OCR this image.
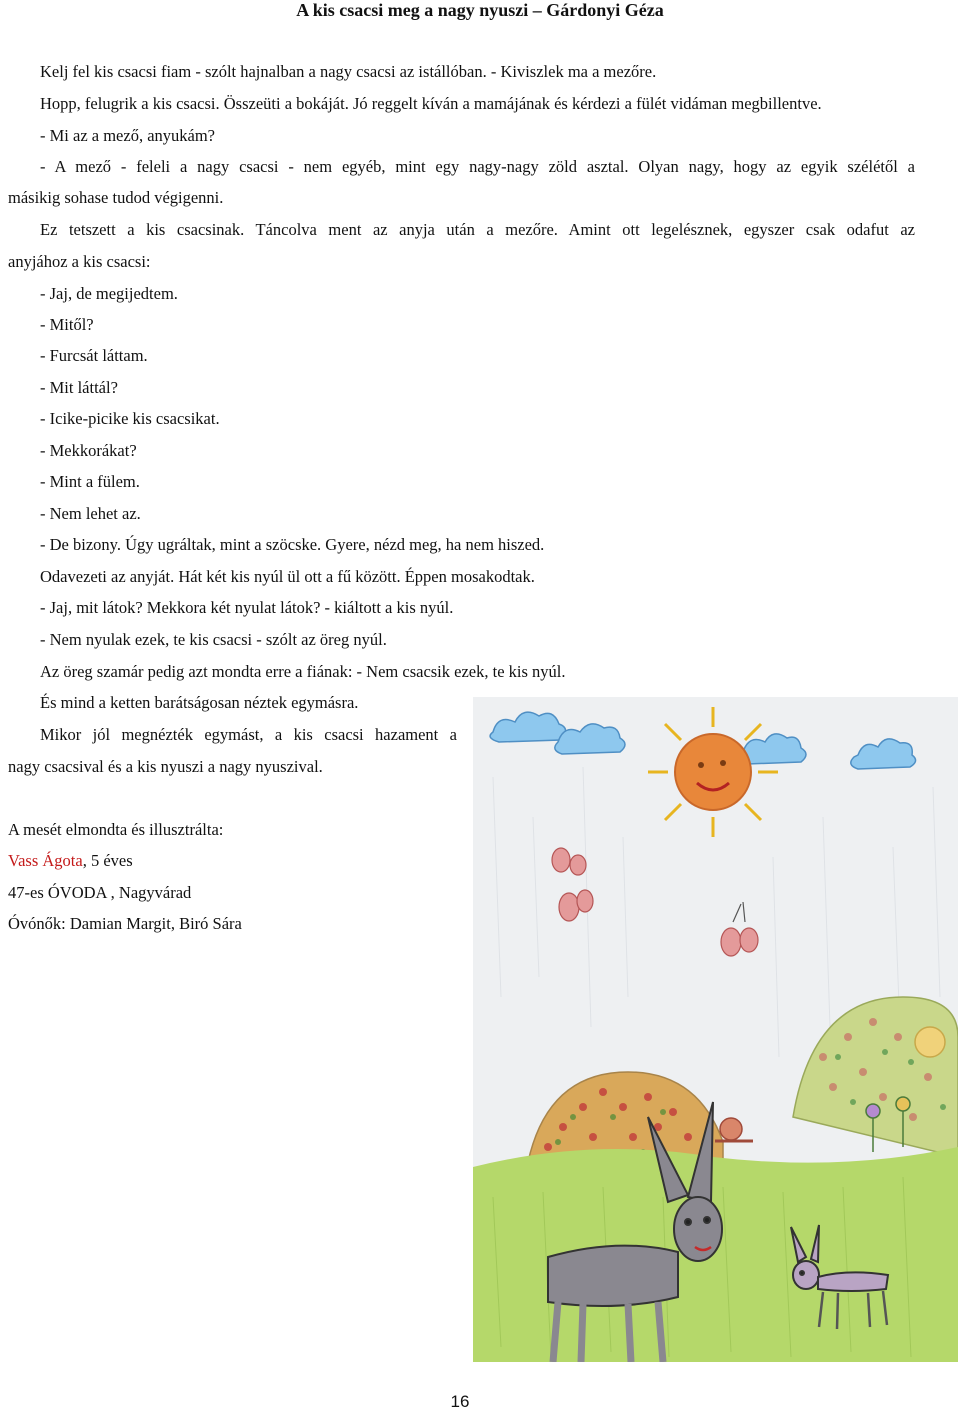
A kis csacsi meg a nagy nyuszi – Gárdonyi Géza
Kelj fel kis csacsi fiam - szólt hajnalban a nagy csacsi az istállóban. - Kiviszlek ma a mezőre.
Hopp, felugrik a kis csacsi. Összeüti a bokáját. Jó reggelt kíván a mamájának és kérdezi a fülét vidáman megbillentve.
- Mi az a mező, anyukám?
- A mező - feleli a nagy csacsi - nem egyéb, mint egy nagy-nagy zöld asztal. Olyan nagy, hogy az egyik szélétől a
másikig sohase tudod végigenni.
Ez tetszett a kis csacsinak. Táncolva ment az anyja után a mezőre. Amint ott legelésznek, egyszer csak odafut az
anyjához a kis csacsi:
- Jaj, de megijedtem.
- Mitől?
- Furcsát láttam.
- Mit láttál?
- Icike-picike kis csacsikat.
- Mekkorákat?
- Mint a fülem.
- Nem lehet az.
- De bizony. Úgy ugráltak, mint a szöcske. Gyere, nézd meg, ha nem hiszed.
Odavezeti az anyját. Hát két kis nyúl ül ott a fű között. Éppen mosakodtak.
- Jaj, mit látok? Mekkora két nyulat látok? - kiáltott a kis nyúl.
- Nem nyulak ezek, te kis csacsi - szólt az öreg nyúl.
Az öreg szamár pedig azt mondta erre a fiának: - Nem csacsik ezek, te kis nyúl.
És mind a ketten barátságosan néztek egymásra.
Mikor jól megnézték egymást, a kis csacsi hazament a
nagy csacsival és a kis nyuszi a nagy nyuszival.
A mesét elmondta és illusztrálta:
Vass Ágota, 5 éves
47-es ÓVODA , Nagyvárad
Óvónők: Damian Margit, Biró Sára
16
